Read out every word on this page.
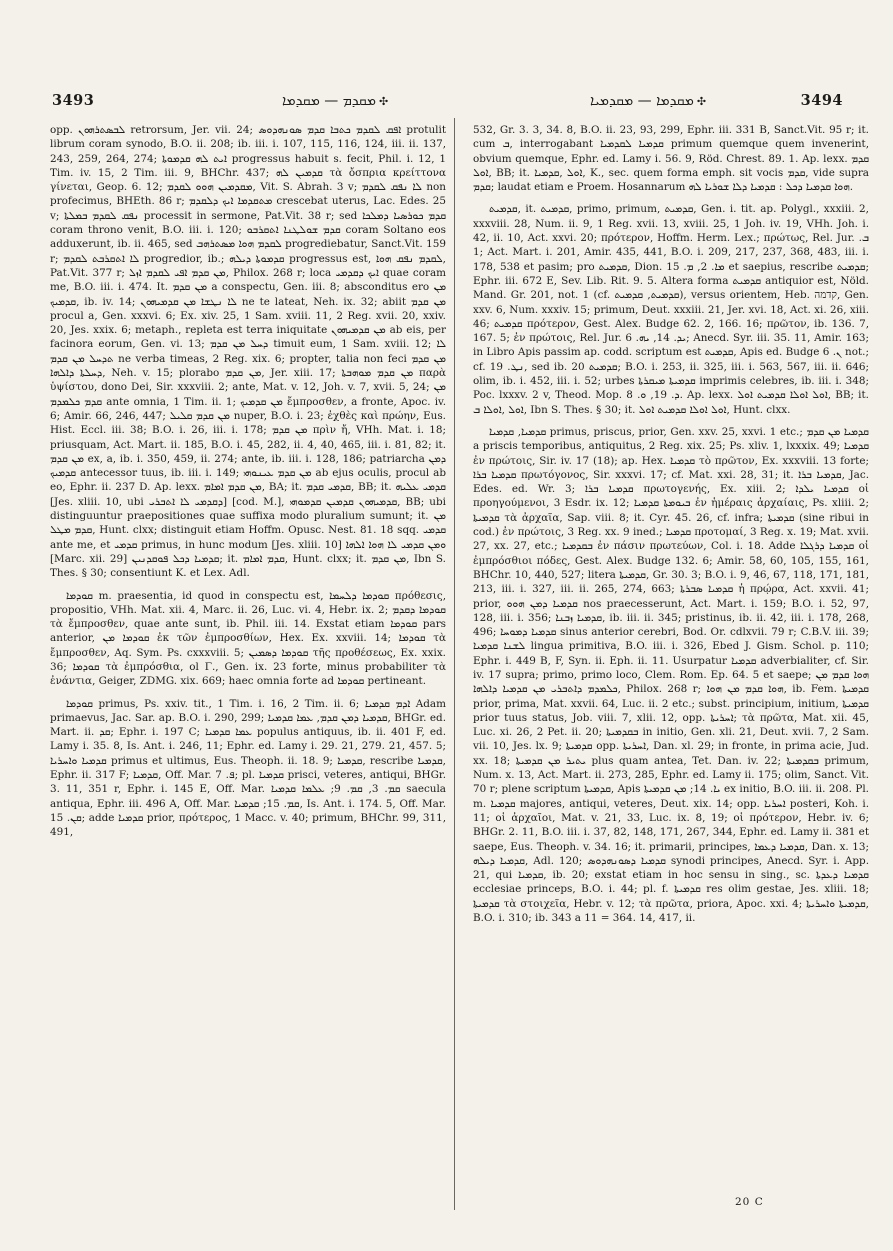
3493	✣ܡܩܕܡ — ܡܩܕܡܐ	✣ܡܩܕܡܐ — ܡܩܕܡܝܐ	3494

opp. ܠܒܣܬܪܗܘܢ retrorsum, Jer. vii. 24; ܐܦܩ ܠܩܕܡ ܟܬܒܐ ܩܕܡ ܣܘܢܗܕܘܣ protulit librum coram synodo, B.O. ii. 208; ib. iii. i. 107, 115, 116, 124, iii. ii. 137, 243, 259, 264, 274; ܐܝܬ ܠܗ ܩܕܡܘܬܐ progressus habuit s. fecit, Phil. i. 12, 1 Tim. iv. 15, 2 Tim. iii. 9, BHChr. 437; ܩܕܡܝܢ ܠܗ τὰ ὄσπρια κρείττονα γίνεται, Geop. 6. 12; ܡܩܕܡܝܢ ܗܘܘ ܠܩܕܡ, Vit. S. Abrah. 3 v; ܠܐ ܢܦܩ ܠܩܕܡ non profecimus, BHEth. 86 r; ܡܬܩܕܡܐ ܐܝܟ ܕܠܩܕܡ crescebat uterus, Lac. Edes. 25 v; ܢܦܩ ܠܩܕܡ ܒܡܠܬܐ processit in sermone, Pat.Vit. 38 r; sed ܩܕܡ ܟܘܪܣܝܐ ܕܡܠܟܐ coram throno venit, B.O. iii. i. 120; ܩܕܡ ܫܘܠܛܢܐ ܐܬܩܪܒܘ coram Soltano eos adduxerunt, ib. ii. 465, sed ܠܩܕܡ ܗܘܐ ܡܣܬܪܗܒ progrediebatur, Sanct.Vit. 159 r; ܠܐ ܐܬܩܪܒܬ ܠܩܕܡ progredior, ib.; ܩܕܡܘܬܐ ܕܝܠܗ progressus est, ܠܩܕܡ ܢܦܩ ܗܘܐ, Pat.Vit. 377 r; ܡܢ ܩܕܡ ܐܦܝ ܠܩܕܡ ܐܙܠ, Philox. 268 r; loca ܐܝܟ ܕܩܕܡܝ quae coram me, B.O. iii. i. 474. It. ܡܢ ܩܕܡ a conspectu, Gen. iii. 8; absconditus ero ܡܢ ܩܕܡܝܟ, ib. iv. 14; ܠܐ ܢܛܫܐ ܡܢ ܩܕܡܝܗܘܢ ne te lateat, Neh. ix. 32; abiit ܡܢ ܩܕܡ procul a, Gen. xxxvi. 6; Ex. xiv. 25, 1 Sam. xviii. 11, 2 Reg. xvii. 20, xxiv. 20, Jes. xxix. 6; metaph., repleta est terra iniquitate ܡܢ ܩܕܡܝܗܘܢ ab eis, per facinora eorum, Gen. vi. 13; ܕܚܠ ܡܢ ܩܕܡ timuit eum, 1 Sam. xviii. 12; ܠܐ ܬܕܚܠ ܡܢ ܩܕܡ ne verba timeas, 2 Reg. xix. 6; propter, talia non feci ܡܢ ܩܕܡ ܕܚܠܬܐ ܕܐܠܗܐ, Neh. v. 15; plorabo ܡܢ ܩܕܡ, Jer. xiii. 17; ܡܢ ܩܕܡ ܡܘܗܒܬܐ παρὰ ὑψίστου, dono Dei, Sir. xxxviii. 2; ante, Mat. v. 12, Joh. v. 7, xvii. 5, 24; ܡܢ ܩܕܡ ܟܠܡܕܡ ante omnia, 1 Tim. ii. 1; ܡܢ ܩܕܡܝܟ ἔμπροσθεν, a fronte, Apoc. iv. 6; Amir. 66, 246, 447; ܡܢ ܩܕܡ ܩܠܝܠ nuper, B.O. i. 23; ἐχθὲς καὶ πρώην, Eus. Hist. Eccl. iii. 38; B.O. i. 26, iii. i. 178; ܡܢ ܩܕܡ πρὶν ἤ, VHh. Mat. i. 18; priusquam, Act. Mart. ii. 185, B.O. i. 45, 282, ii. 4, 40, 465, iii. i. 81, 82; it. ܡܢ ܩܕܡ ex, a, ib. i. 350, 459, ii. 274; ante, ib. iii. i. 128, 186; patriarcha ܕܡܢ ܩܕܡܝܟ antecessor tuus, ib. iii. i. 149; ܡܢ ܩܕܡ ܥܝܢܘܗܝ ab ejus oculis, procul ab eo, Ephr. ii. 237 D. Ap. lexx. ܡܢ ܩܕܡ ܐܡܐܡ, BA; it. ܩܕܡܝ ܩܕܡ, BB; it. ܩܕܡܝ ܥܠܝܗ [Jes. xliii. 10, ubi ܕܩܕܡܝ ܠܐ ܐܬܒܪܝ] [cod. M.], ܩܕܡܝܗܘܢ ܩܕܡܝܢ ܩܕܡܘܗܝ, BB; ubi distinguuntur praepositiones quae suffixa modo pluralium sumunt; it. ܡܢ ܩܕܡ ܡܛܠ, Hunt. clxx; distinguit etiam Hoffm. Opusc. Nest. 81. 18 sqq. ܩܕܡܝ ante me, et ܩܕܡܝ primus, in hunc modum [Jes. xliii. 10] ܘܡܢ ܩܕܡܝ ܠܐ ܗܘܐ ܐܠܗܐ [Marc. xii. 29] ܩܕܡܝܐ ܕܟܠ ܦܘܩܕܢܝܢ; it. ܩܕܡ ܐܡܐܡ, Hunt. clxx; it. ܡܢ ܩܕܡ, Ibn S. Thes. § 30; consentiunt K. et Lex. Adl.

ܩܘܕܡܐ m. praesentia, id quod in conspectu est, ܩܘܕܡܐ ܕܠܚܡܐ πρόθεσις, propositio, VHh. Mat. xii. 4, Marc. ii. 26, Luc. vi. 4, Hebr. ix. 2; ܩܘܕܡܐ ܕܩܕܡ τὰ ἔμπροσθεν, quae ante sunt, ib. Phil. iii. 14. Exstat etiam ܩܘܕܡܐ pars anterior, ܩܘܕܡܐ ܡܢ ἐκ τῶν ἐμπροσθίων, Hex. Ex. xxviii. 14; ܩܘܕܡܐ τὰ ἔμπροσθεν, Aq. Sym. Ps. cxxxviii. 5; ܩܘܕܡܐ ܕܣܡܝܢ τῆς προθέσεως, Ex. xxix. 36; ܩܘܕܡܐ τὰ ἐμπρόσθια, ol Γ., Gen. ix. 23 forte, minus probabiliter τὰ ἐνάντια, Geiger, ZDMG. xix. 669; haec omnia forte ad ܩܘܕܡܐ pertineant.

ܩܘܕܡܐ primus, Ps. xxiv. tit., 1 Tim. i. 16, 2 Tim. ii. 6; ܐܕܡ ܩܕܡܝܐ Adam primaevus, Jac. Sar. ap. B.O. i. 290, 299; ܩܕܡܝܐ ܕܡܢ ܩܕܡ, ܥܡܐ ܩܕܡܝܐ, BHGr. ed. Mart. ii. ܩܕ; Ephr. i. 197 C; ܥܡܐ ܩܕܡܝܐ populus antiquus, ib. ii. 401 F, ed. Lamy i. 35. 8, Is. Ant. i. 246, 11; Ephr. ed. Lamy i. 29. 21, 279. 21, 457. 5; ܩܕܡܝܐ ܘܐܚܪܝܐ primus et ultimus, Eus. Theoph. ii. 18. 9; ܩܕܡܝܐ, rescribe ܩܕܡܝܐ, Ephr. ii. 317 F; ܩܕܡܝܐ, Off. Mar. ܦ. 7; pl. ܩܕܡܝܐ prisci, veteres, antiqui, BHGr. 3. 11, 351 r, Ephr. i. 145 E, Off. Mar. ܩܡ. 3, ܩܡ. 9; ܥܠܡܐ ܩܕܡܝܐ saecula antiqua, Ephr. iii. 496 A, Off. Mar. ܩܡ. 15; ܩܕܡܝܐ, Is. Ant. i. 174. 5, Off. Mar. ܩܢ. 15; adde ܩܕܡܝܐ prior, πρότερος, 1 Macc. v. 40; primum, BHChr. 99, 311, 491,

532, Gr. 3. 3, 34. 8, B.O. ii. 23, 93, 299, Ephr. iii. 331 B, Sanct.Vit. 95 r; it. cum ܒ, interrogabant ܩܕܡܝܐ ܠܩܕܡܝܐ primum quemque quem invenerint, obvium quemque, Ephr. ed. Lamy i. 56. 9, Röd. Chrest. 89. 1. Ap. lexx. ܩܕܡ ܐܘܠ, BB; it. ܐܘܠ ,ܩܕܡܝܐ, K., sec. quem forma emph. sit vocis ܩܕܡ, vide supra ܩܕܡ; laudat etiam e Proem. Hosannarum ܗܘܐ ܩܕܡܝܐ ܕܟܠ : ܩܕܡܝܐ ܕܠܐ ܫܘܪܝܐ ܠܗ.

ܩܕܡܝܬ, it. ܩܕܡܝܬ, primo, primum, ܩܕܡܝܬ, Gen. i. tit. ap. Polygl., xxxiii. 2, xxxviii. 28, Num. ii. 9, 1 Reg. xvii. 13, xviii. 25, 1 Joh. iv. 19, VHh. Joh. i. 42, ii. 10, Act. xxvi. 20; πρότερον, Hoffm. Herm. Lex.; πρώτως, Rel. Jur. ܒ. 1; Act. Mart. i. 201, Amir. 435, 441, B.O. i. 209, 217, 237, 368, 483, iii. i. 178, 538 et pasim; pro ܩܕܡܝܬ, Dion. ܡܐ. 2, ܡ. 15 et saepius, rescribe ܩܕܡܝܬ; Ephr. iii. 672 E, Sev. Lib. Rit. 9. 5. Altera forma ܩܕܡܝܬ antiquior est, Nöld. Mand. Gr. 201, not. 1 (cf. ܩܕܡܝܬ, ܩܕܡܝܬ), versus orientem, Heb. קדמה, Gen. xxv. 6, Num. xxxiv. 15; primum, Deut. xxxiii. 21, Jer. xvi. 18, Act. xi. 26, xiii. 46; ܩܕܡܝܬ πρότερον, Gest. Alex. Budge 62. 2, 166. 16; πρῶτον, ib. 136. 7, 167. 5; ἐν πρώτοις, Rel. Jur. ܝܕ. 14, ܝܗ. 6; Anecd. Syr. iii. 35. 11, Amir. 163; in Libro Apis passim ap. codd. scriptum est ܩܕܡܝܬ, Apis ed. Budge ܢ. 6 not.; cf. ܢܛ. 19, sed ib. 20 ܩܕܡܝܬ; B.O. i. 253, ii. 325, iii. i. 563, 567, iii. ii. 646; olim, ib. i. 452, iii. i. 52; urbes ܩܕܡܝܬܐ ܡܝܩܪܬܐ imprimis celebres, ib. iii. i. 348; Poc. lxxxv. 2 v, Theod. Mop. ܕ. 19, ܘ. 8. Ap. lexx. ܐܘܠ ܐܘܠܐ ܩܕܡܝܬ ܐܘܠ, BB; it. ܐܘܠ ,ܐܘܠܐ ܒ, Ibn S. Thes. § 30; it. ܐܘܠ ܐܘܠܐ ܩܕܡܝܬ ܐܘܠ, Hunt. clxx.

ܩܕܡܝܐ, ܩܕܡܝܐ primus, priscus, prior, Gen. xxv. 25, xxvi. 1 etc.; ܩܕܡܝܐ ܡܢ ܩܕܡ a priscis temporibus, antiquitus, 2 Reg. xix. 25; Ps. xliv. 1, lxxxix. 49; ܩܕܡܝܐ ἐν πρώτοις, Sir. iv. 17 (18); ap. Hex. ܩܕܡܝܐ τὸ πρῶτον, Ex. xxxviii. 13 forte; ܩܕܡܝܐ ܒܪܐ πρωτόγονος, Sir. xxxvi. 17; cf. Mat. xxi. 28, 31; it. ܩܕܡܝܐ ܒܪܐ, Jac. Edes. ed. Wr. 3; ܩܕܡܝܐ ܒܪܐ πρωτογενής, Ex. xiii. 2; ܩܕܡܝܐ ܝܠܕܐ οἱ προηγούμενοι, 3 Esdr. ix. 12; ܒܝܘܡܬܐ ܩܕܡܝܐ ἐν ἡμέραις ἀρχαίαις, Ps. xliii. 2; ܩܕܡܝܬܐ τὰ ἀρχαῖα, Sap. viii. 8; it. Cyr. 45. 26, cf. infra; ܩܕܡܝܬܐ (sine ribui in cod.) ἐν πρώτοις, 3 Reg. xx. 9 ined.; ܩܕܡܝܐ προτομαί, 3 Reg. x. 19; Mat. xvii. 27, xx. 27, etc.; ܒܩܕܡܝܐ ἐν πάσιν πρωτεύων, Col. i. 18. Adde ܩܕܡܝܐ ܕܪܓܠܐ οἱ ἐμπρόσθιοι πόδες, Gest. Alex. Budge 132. 6; Amir. 58, 60, 105, 155, 161, BHChr. 10, 440, 527; litera ܩܕܡܝܬܐ, Gr. 30. 3; B.O. i. 9, 46, 67, 118, 171, 181, 213, iii. i. 327, iii. ii. 265, 274, 663; ܩܕܡܝܐ ܣܒܪܬܐ ἡ πρῴρα, Act. xxvii. 41; prior, ܩܕܡܝܐ ܕܡܢ ܗܘܘ nos praecesserunt, Act. Mart. i. 159; B.O. i. 52, 97, 128, iii. i. 356; ܩܕܡܝܐ ܙܒܢܐ, ib. iii. ii. 345; pristinus, ib. ii. 42, iii. i. 178, 268, 496; ܩܕܡܝܐ ܕܡܘܚܐ sinus anterior cerebri, Bod. Or. cdlxvii. 79 r; C.B.V. iii. 39; ܠܫܢܐ ܩܕܡܝܐ lingua primitiva, B.O. iii. i. 326, Ebed J. Gism. Schol. p. 110; Ephr. i. 449 B, F, Syn. ii. Eph. ii. 11. Usurpatur ܩܕܡܝܐ adverbialiter, cf. Sir. iv. 17 supra; primo, primo loco, Clem. Rom. Ep. 64. 5 et saepe; ܗܘܐ ܩܕܡ ܡܢ ܟܠܡܕܡ ܕܐܬܒܪܝ ܡܢ ܩܕܡܝܐ ܕܐܠܗܐ, Philox. 268 r; ܗܘܐ ܩܕܡ ܡܢ ܗܘܐ, ib. Fem. ܩܕܡܝܬܐ prior, prima, Mat. xxvii. 64, Luc. ii. 2 etc.; subst. principium, initium, ܩܕܡܝܬܐ prior tuus status, Job. viii. 7, xlii. 12, opp. ܐܚܪܝܬܐ; τὰ πρῶτα, Mat. xii. 45, Luc. xi. 26, 2 Pet. ii. 20; ܒܩܕܡܝܬܐ in initio, Gen. xli. 21, Deut. xvii. 7, 2 Sam. vii. 10, Jes. lx. 9; ܩܕܡܝܬܐ opp. ܐܚܪܝܬܐ, Dan. xl. 29; in fronte, in prima acie, Jud. xx. 18; ܝܬܝܪ ܡܢ ܩܕܡܝܬܐ plus quam antea, Tet. Dan. iv. 22; ܒܩܕܡܝܬܐ primum, Num. x. 13, Act. Mart. ii. 273, 285, Ephr. ed. Lamy ii. 175; olim, Sanct. Vit. 70 r; plene scriptum ܩܕܡܝܬܐ, Apis ܝܐ. 14; ܡܢ ܩܕܡܝܬܐ ex initio, B.O. iii. ii. 208. Pl. m. ܩܕܡܝܐ majores, antiqui, veteres, Deut. xix. 14; opp. ܐܚܪܝܐ posteri, Koh. i. 11; οἱ ἀρχαῖοι, Mat. v. 21, 33, Luc. ix. 8, 19; οἱ πρότερον, Hebr. iv. 6; BHGr. 2. 11, B.O. iii. i. 37, 82, 148, 171, 267, 344, Ephr. ed. Lamy ii. 381 et saepe, Eus. Theoph. v. 34. 16; it. primarii, principes, ܩܕܡܝܐ ܕܥܡܐ, Dan. x. 13; ܩܕܡܝܐ ܕܝܠܗ, Adl. 120; ܩܕܡܝܐ ܕܣܘܢܗܕܘܣ synodi principes, Anecd. Syr. i. App. 21, qui ܩܕܡܝܐ, ib. 20; exstat etiam in hoc sensu in sing., sc. ܩܕܡܝܐ ܕܥܕܬܐ ecclesiae princeps, B.O. i. 44; pl. f. ܩܕܡܝܬܐ res olim gestae, Jes. xliii. 18; ܩܕܡܝܬܐ τὰ στοιχεῖα, Hebr. v. 12; τὰ πρῶτα, priora, Apoc. xxi. 4; ܩܕܡܝܬܐ ܘܐܚܪܝܬܐ, B.O. i. 310; ib. 343 a 11 = 364. 14, 417, ii.

20 C
